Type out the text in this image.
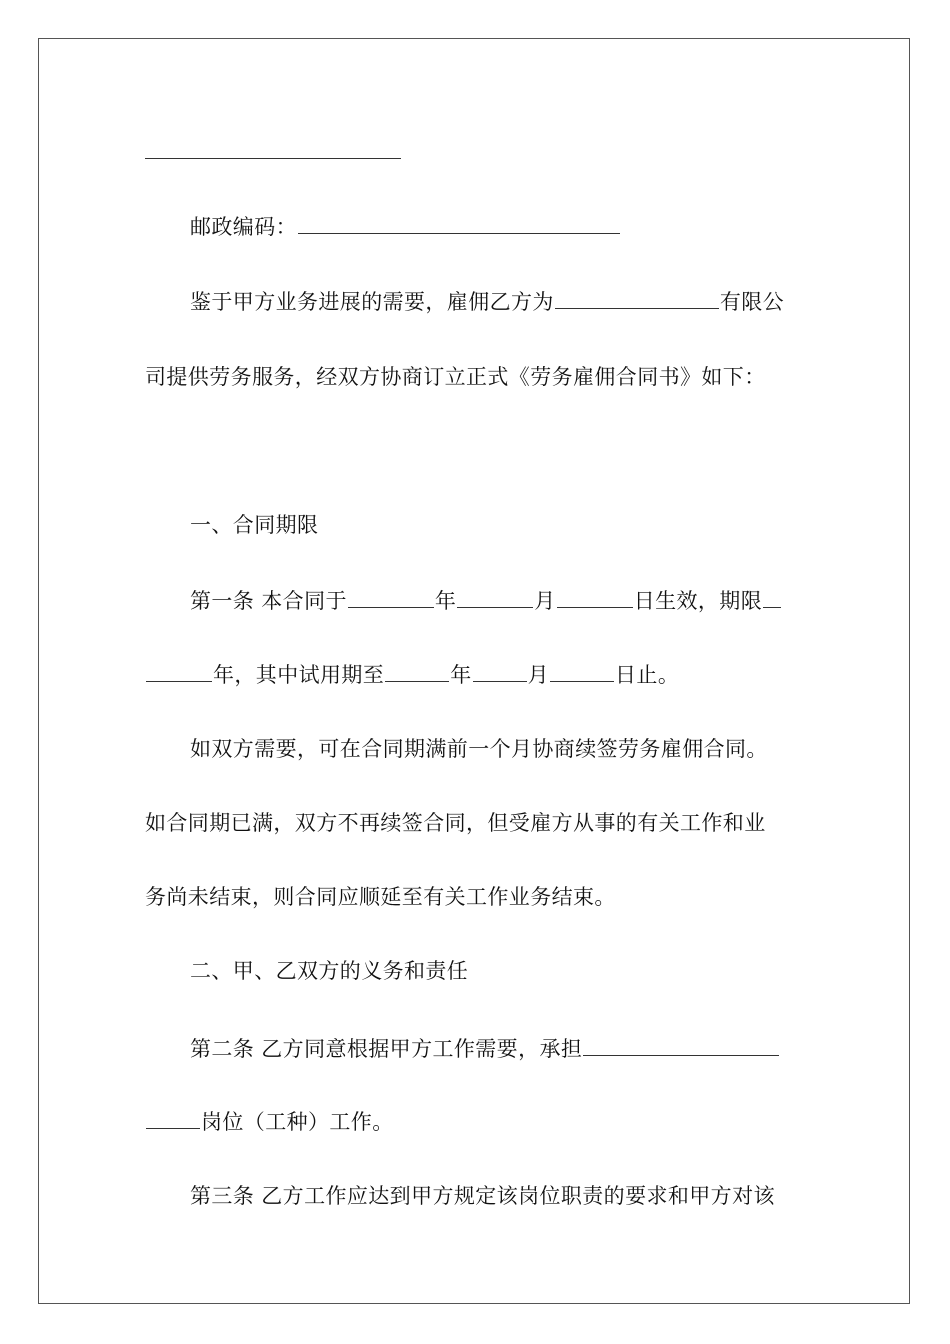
邮政编码：
鉴于甲方业务进展的需要，雇佣乙方为	有限公
司提供劳务服务，经双方协商订立正式《劳务雇佣合同书》如下：
一、合同期限
第一条 本合同于	年	月	日生效，期限
年，其中试用期至	年	月	日止。
如双方需要，可在合同期满前一个月协商续签劳务雇佣合同。
如合同期已满，双方不再续签合同，但受雇方从事的有关工作和业
务尚未结束，则合同应顺延至有关工作业务结束。
二、甲、乙双方的义务和责任
第二条 乙方同意根据甲方工作需要，承担
岗位（工种）工作。
第三条 乙方工作应达到甲方规定该岗位职责的要求和甲方对该
